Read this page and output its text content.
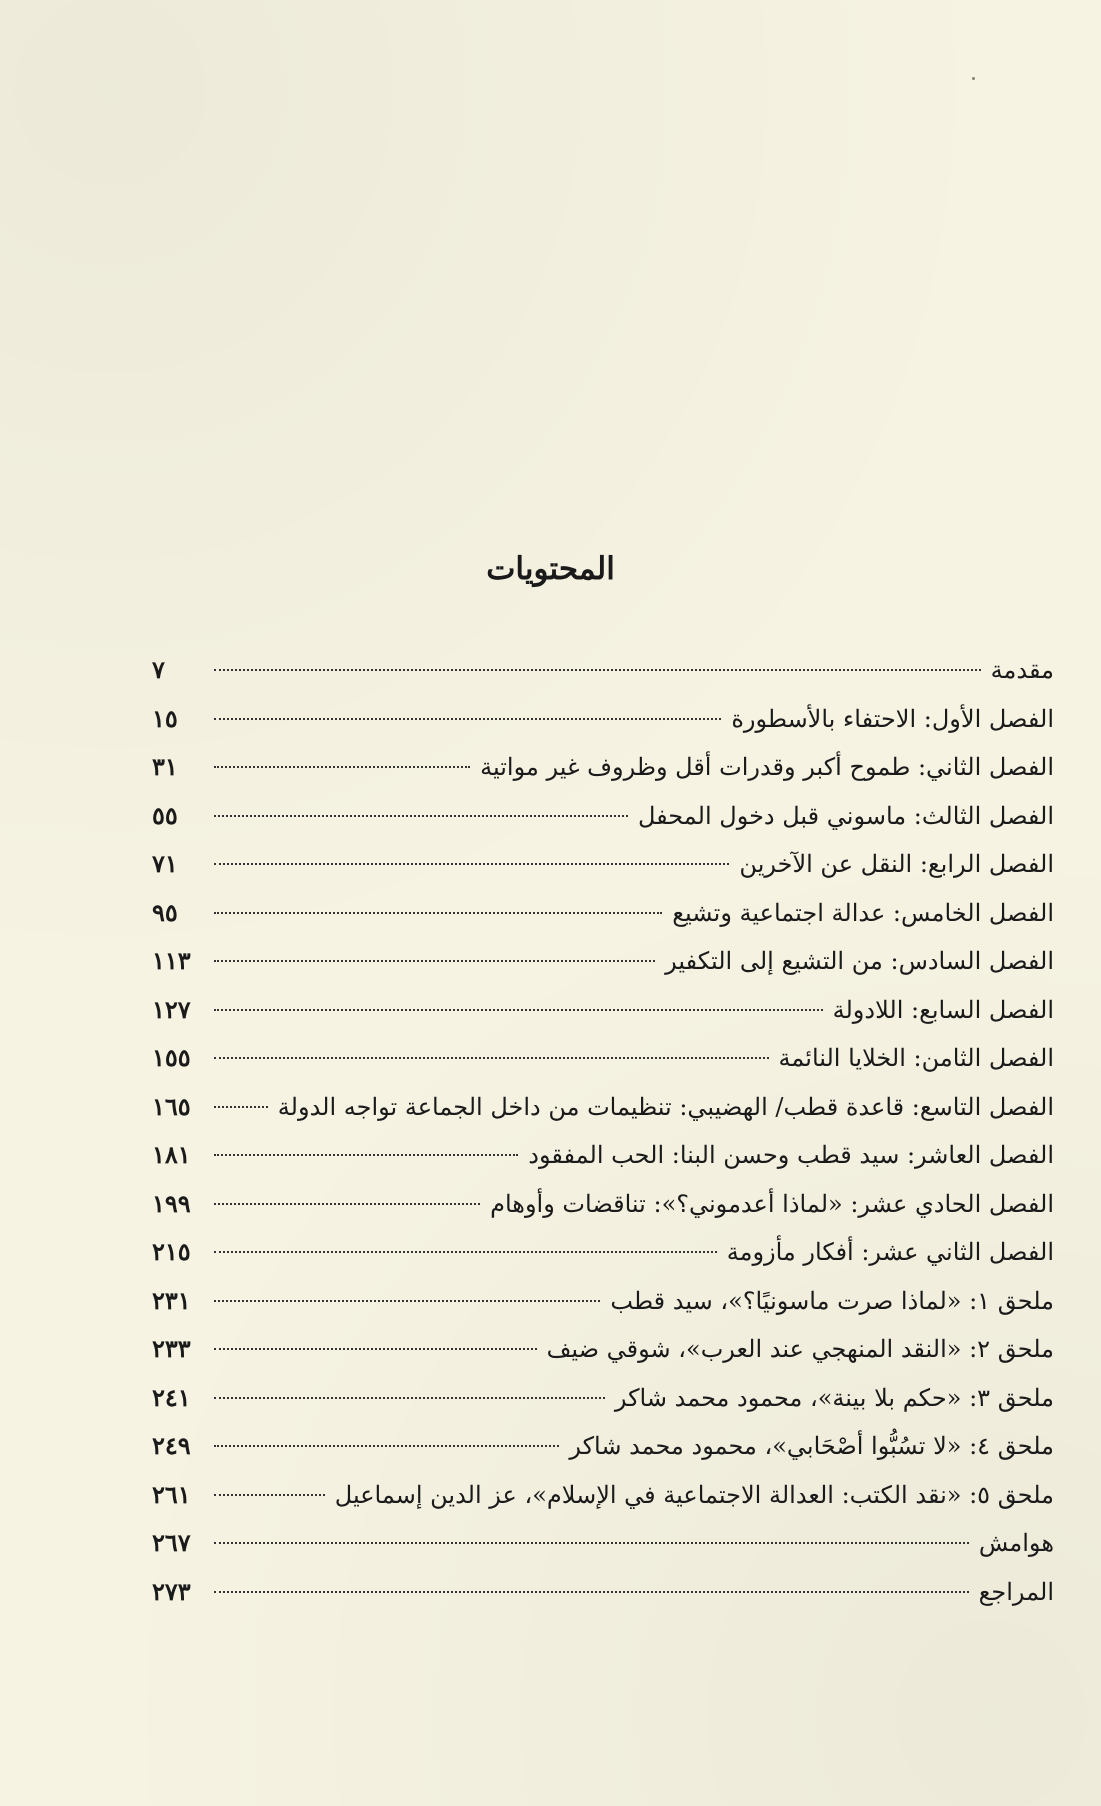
المحتويات
مقدمة
٧
الفصل الأول: الاحتفاء بالأسطورة
١٥
الفصل الثاني: طموح أكبر وقدرات أقل وظروف غير مواتية
٣١
الفصل الثالث: ماسوني قبل دخول المحفل
٥٥
الفصل الرابع: النقل عن الآخرين
٧١
الفصل الخامس: عدالة اجتماعية وتشيع
٩٥
الفصل السادس: من التشيع إلى التكفير
١١٣
الفصل السابع: اللادولة
١٢٧
الفصل الثامن: الخلايا النائمة
١٥٥
الفصل التاسع: قاعدة قطب/ الهضيبي: تنظيمات من داخل الجماعة تواجه الدولة
١٦٥
الفصل العاشر: سيد قطب وحسن البنا: الحب المفقود
١٨١
الفصل الحادي عشر: «لماذا أعدموني؟»: تناقضات وأوهام
١٩٩
الفصل الثاني عشر: أفكار مأزومة
٢١٥
ملحق ١: «لماذا صرت ماسونيًا؟»، سيد قطب
٢٣١
ملحق ٢: «النقد المنهجي عند العرب»، شوقي ضيف
٢٣٣
ملحق ٣: «حكم بلا بينة»، محمود محمد شاكر
٢٤١
ملحق ٤: «لا تسُبُّوا أصْحَابي»، محمود محمد شاكر
٢٤٩
ملحق ٥: «نقد الكتب: العدالة الاجتماعية في الإسلام»، عز الدين إسماعيل
٢٦١
هوامش
٢٦٧
المراجع
٢٧٣
